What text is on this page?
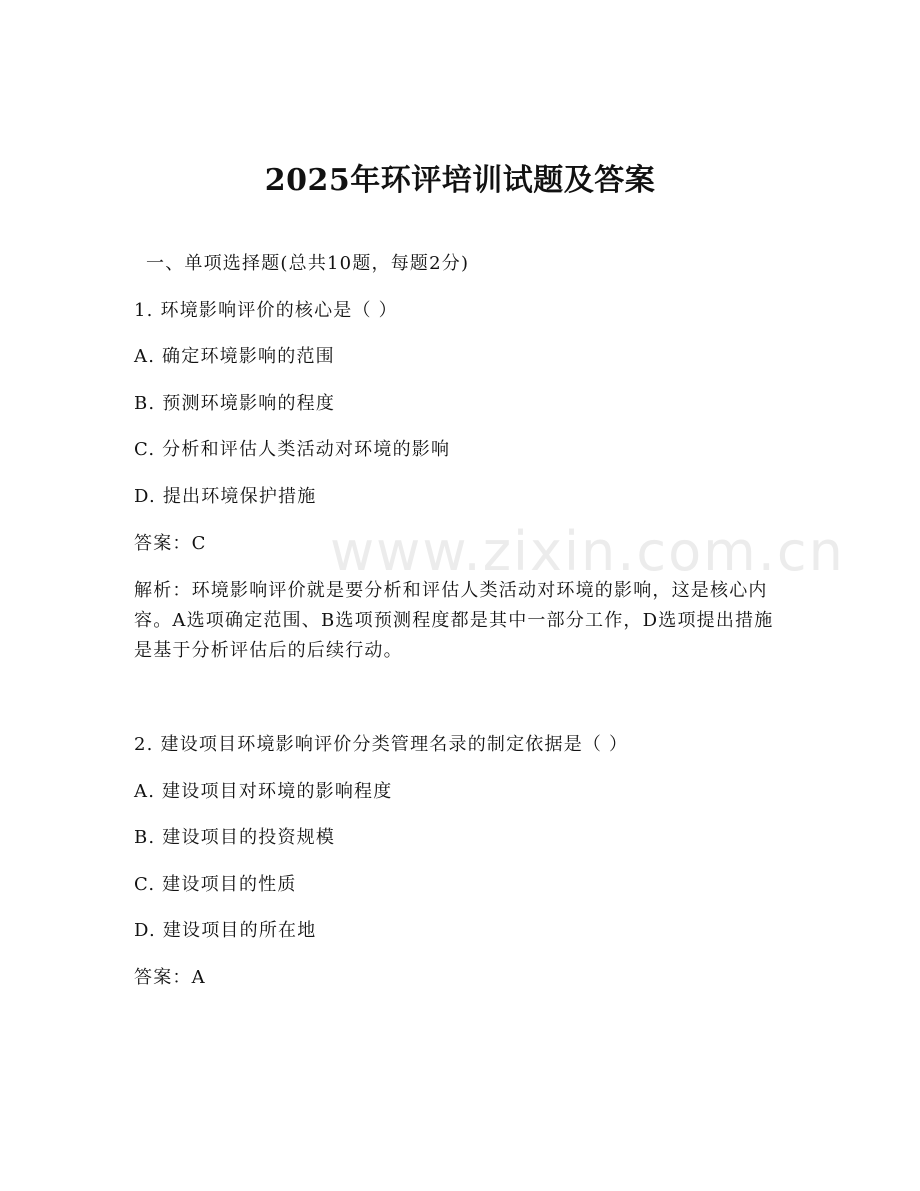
www.zixin.com.cn
2025年环评培训试题及答案
一、单项选择题(总共10题，每题2分)
1. 环境影响评价的核心是（ ）
A. 确定环境影响的范围
B. 预测环境影响的程度
C. 分析和评估人类活动对环境的影响
D. 提出环境保护措施
答案：C
解析：环境影响评价就是要分析和评估人类活动对环境的影响，这是核心内容。A选项确定范围、B选项预测程度都是其中一部分工作，D选项提出措施是基于分析评估后的后续行动。
2. 建设项目环境影响评价分类管理名录的制定依据是（ ）
A. 建设项目对环境的影响程度
B. 建设项目的投资规模
C. 建设项目的性质
D. 建设项目的所在地
答案：A
